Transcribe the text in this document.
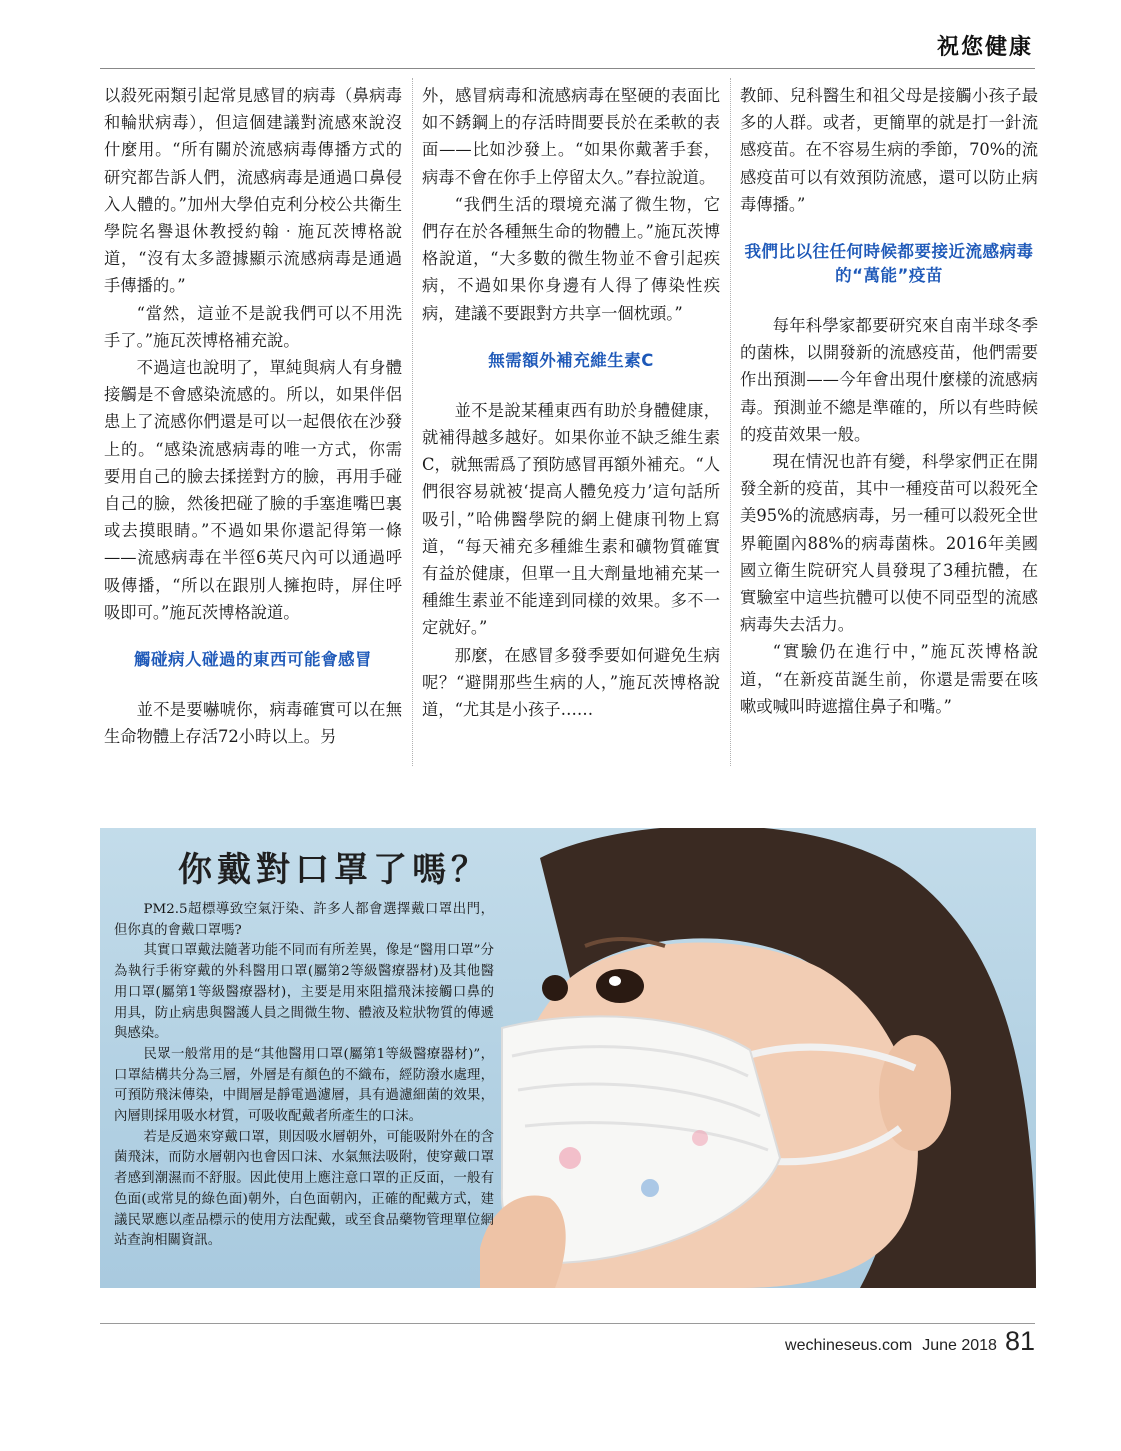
祝您健康

以殺死兩類引起常見感冒的病毒（鼻病毒和輪狀病毒），但這個建議對流感來說沒什麼用。“所有關於流感病毒傳播方式的研究都告訴人們，流感病毒是通過口鼻侵入人體的。”加州大學伯克利分校公共衛生學院名譽退休教授約翰‧施瓦茨博格說道，“沒有太多證據顯示流感病毒是通過手傳播的。”

“當然，這並不是說我們可以不用洗手了。”施瓦茨博格補充說。

不過這也說明了，單純與病人有身體接觸是不會感染流感的。所以，如果伴侶患上了流感你們還是可以一起偎依在沙發上的。“感染流感病毒的唯一方式，你需要用自己的臉去揉搓對方的臉，再用手碰自己的臉，然後把碰了臉的手塞進嘴巴裏或去摸眼睛。”不過如果你還記得第一條——流感病毒在半徑6英尺內可以通過呼吸傳播，“所以在跟別人擁抱時，屏住呼吸即可。”施瓦茨博格說道。

觸碰病人碰過的東西可能會感冒

並不是要嚇唬你，病毒確實可以在無生命物體上存活72小時以上。另

外，感冒病毒和流感病毒在堅硬的表面比如不銹鋼上的存活時間要長於在柔軟的表面——比如沙發上。“如果你戴著手套，病毒不會在你手上停留太久。”春拉說道。

“我們生活的環境充滿了微生物，它們存在於各種無生命的物體上。”施瓦茨博格說道，“大多數的微生物並不會引起疾病，不過如果你身邊有人得了傳染性疾病，建議不要跟對方共享一個枕頭。”

無需額外補充維生素C

並不是說某種東西有助於身體健康，就補得越多越好。如果你並不缺乏維生素C，就無需爲了預防感冒再額外補充。“人們很容易就被‘提高人體免疫力’這句話所吸引，”哈佛醫學院的網上健康刊物上寫道，“每天補充多種維生素和礦物質確實有益於健康，但單一且大劑量地補充某一種維生素並不能達到同樣的效果。多不一定就好。”

那麼，在感冒多發季要如何避免生病呢？“避開那些生病的人，”施瓦茨博格說道，“尤其是小孩子……

教師、兒科醫生和祖父母是接觸小孩子最多的人群。或者，更簡單的就是打一針流感疫苗。在不容易生病的季節，70%的流感疫苗可以有效預防流感，還可以防止病毒傳播。”

我們比以往任何時候都要接近流感病毒的“萬能”疫苗

每年科學家都要研究來自南半球冬季的菌株，以開發新的流感疫苗，他們需要作出預測——今年會出現什麼樣的流感病毒。預測並不總是準確的，所以有些時候的疫苗效果一般。

現在情況也許有變，科學家們正在開發全新的疫苗，其中一種疫苗可以殺死全美95%的流感病毒，另一種可以殺死全世界範圍內88%的病毒菌株。2016年美國國立衛生院研究人員發現了3種抗體，在實驗室中這些抗體可以使不同亞型的流感病毒失去活力。

“實驗仍在進行中，”施瓦茨博格說道，“在新疫苗誕生前，你還是需要在咳嗽或喊叫時遮擋住鼻子和嘴。”

你戴對口罩了嗎？

PM2.5超標導致空氣汙染、許多人都會選擇戴口罩出門，但你真的會戴口罩嗎?

其實口罩戴法隨著功能不同而有所差異，像是“醫用口罩”分為執行手術穿戴的外科醫用口罩(屬第2等級醫療器材)及其他醫用口罩(屬第1等級醫療器材)，主要是用來阻擋飛沫接觸口鼻的用具，防止病患與醫護人員之間微生物、體液及粒狀物質的傳遞與感染。

民眾一般常用的是“其他醫用口罩(屬第1等級醫療器材)”，口罩結構共分為三層，外層是有顏色的不織布，經防潑水處理，可預防飛沫傳染，中間層是靜電過濾層，具有過濾細菌的效果，內層則採用吸水材質，可吸收配戴者所產生的口沫。

若是反過來穿戴口罩，則因吸水層朝外，可能吸附外在的含菌飛沫，而防水層朝內也會因口沫、水氣無法吸附，使穿戴口罩者感到潮濕而不舒服。因此使用上應注意口罩的正反面，一般有色面(或常見的綠色面)朝外，白色面朝內，正確的配戴方式，建議民眾應以產品標示的使用方法配戴，或至食品藥物管理單位網站查詢相關資訊。

wechineseus.com June 2018 81
